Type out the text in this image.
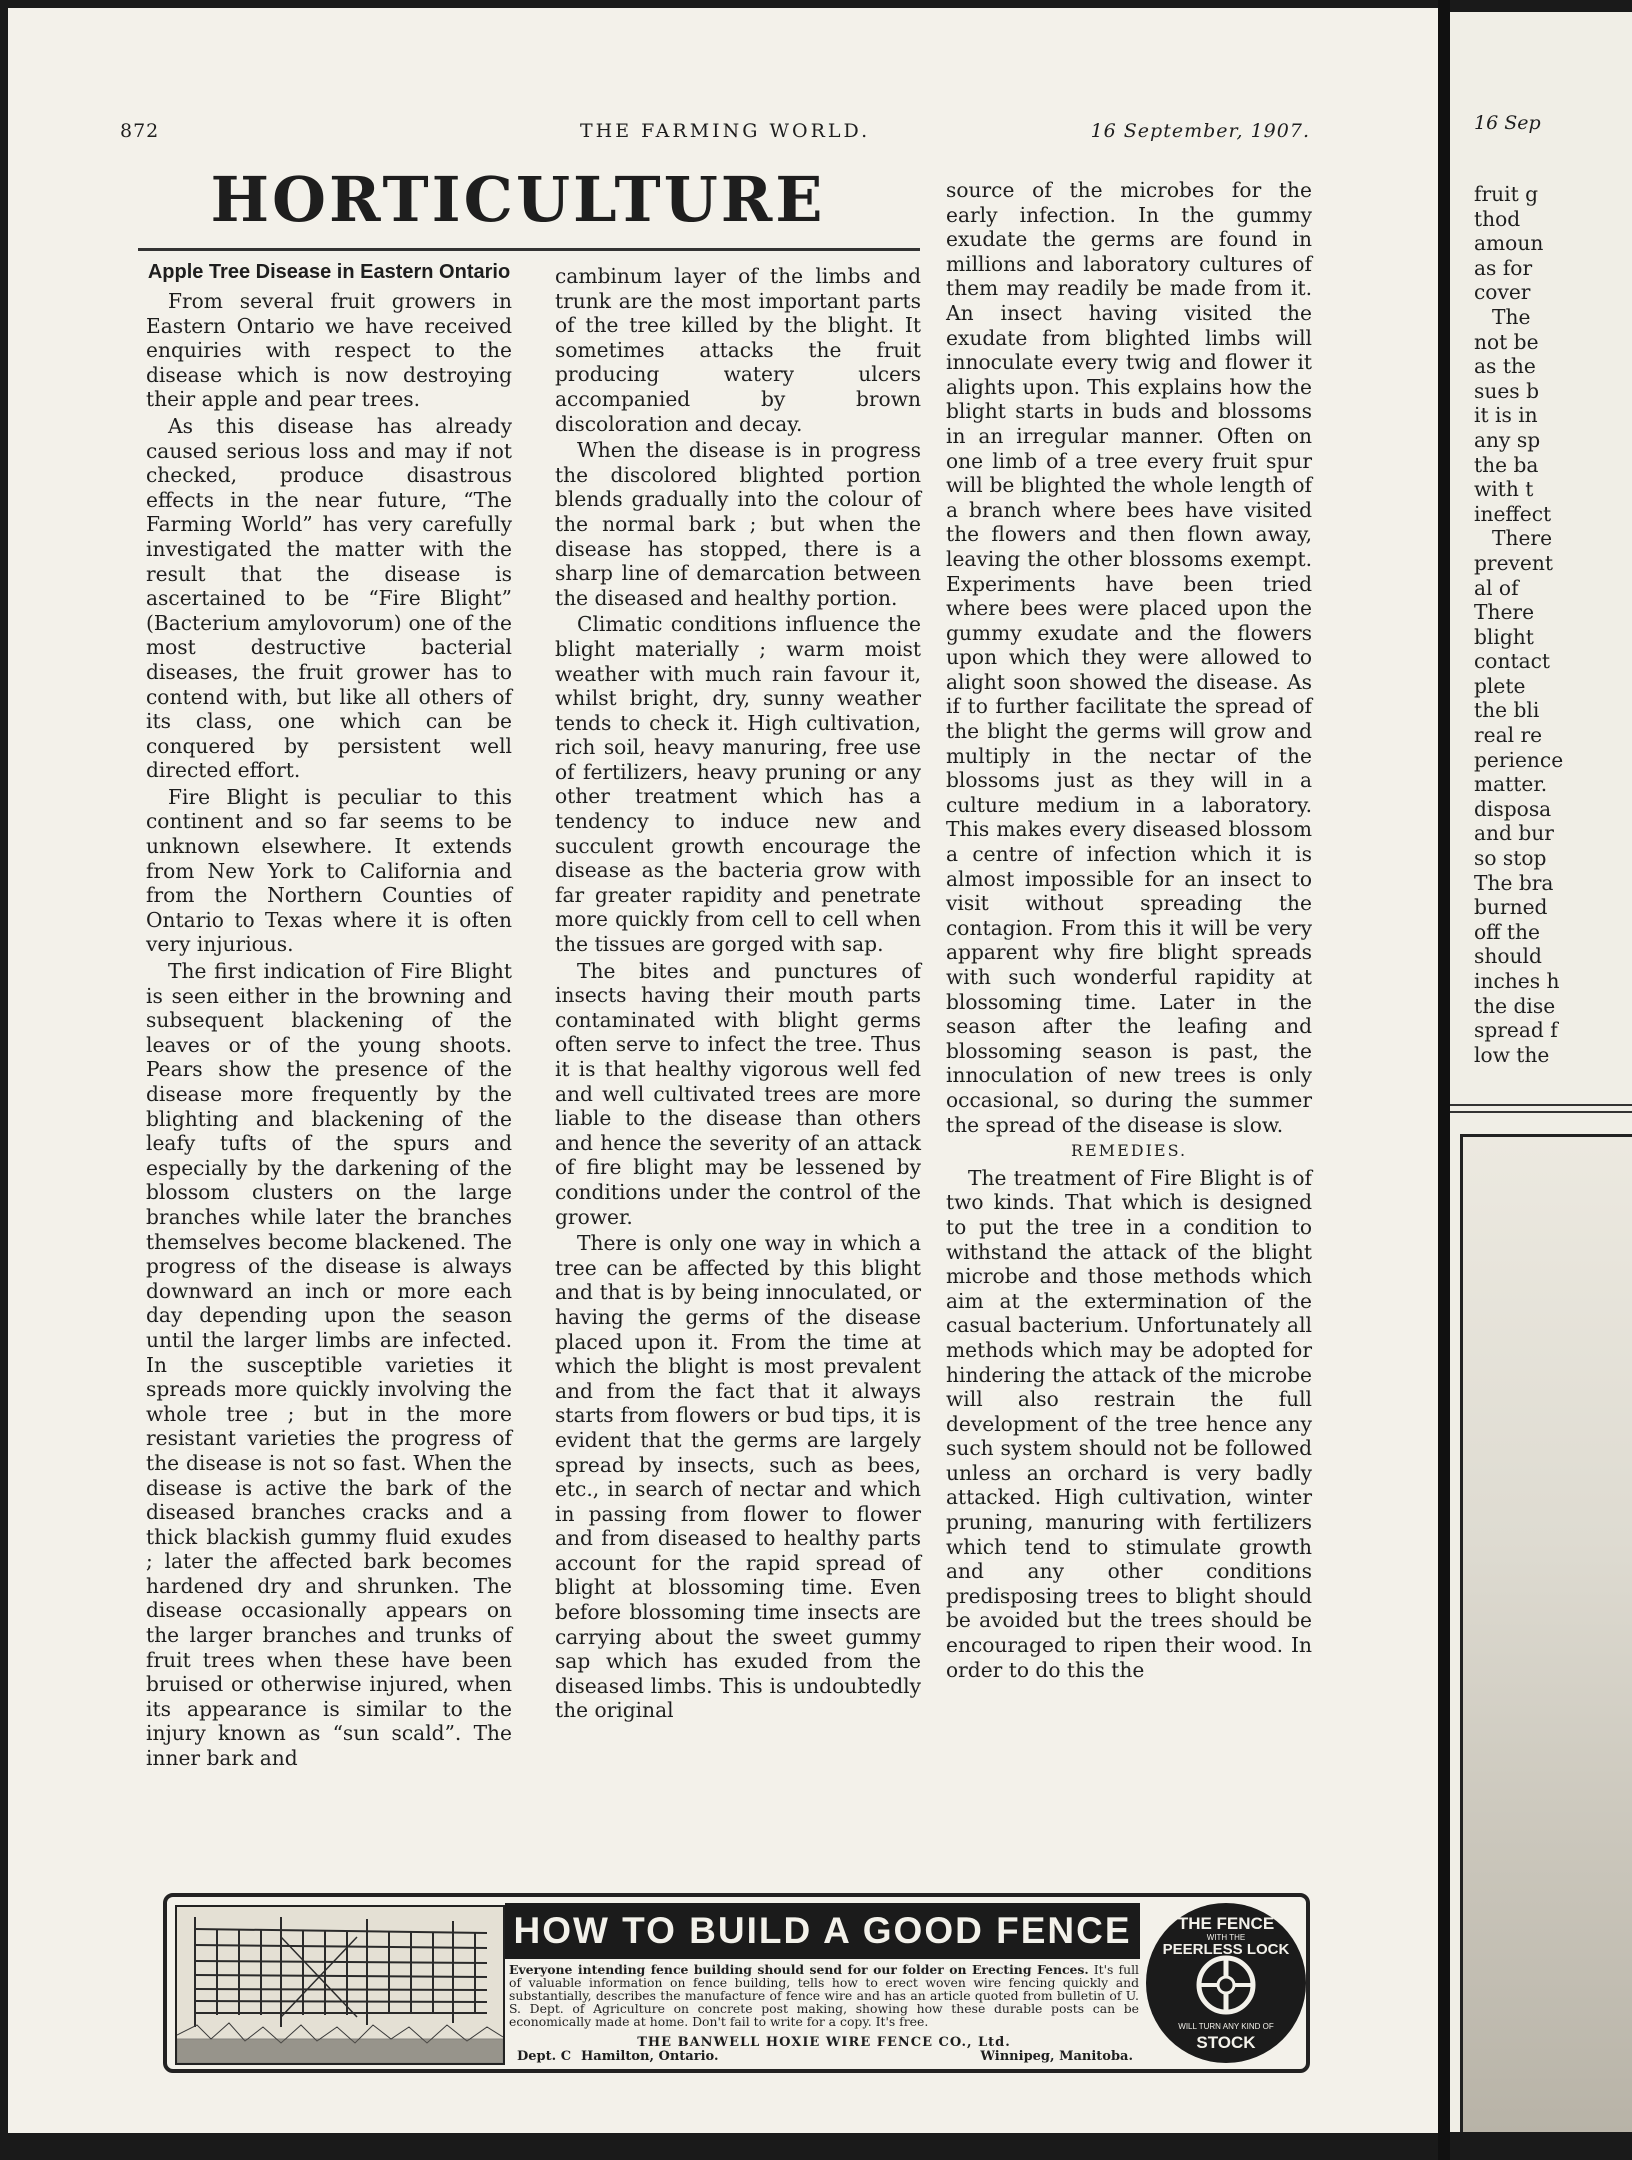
872	THE FARMING WORLD.	16 September, 1907.
HORTICULTURE
Apple Tree Disease in Eastern Ontario

From several fruit growers in Eastern Ontario we have received enquiries with respect to the disease which is now destroying their apple and pear trees.

As this disease has already caused serious loss and may if not checked, produce disastrous effects in the near future, “The Farming World” has very carefully investigated the matter with the result that the disease is ascertained to be “Fire Blight” (Bacterium amylovorum) one of the most destructive bacterial diseases, the fruit grower has to contend with, but like all others of its class, one which can be conquered by persistent well directed effort.

Fire Blight is peculiar to this continent and so far seems to be unknown elsewhere. It extends from New York to California and from the Northern Counties of Ontario to Texas where it is often very injurious.

The first indication of Fire Blight is seen either in the browning and subsequent blackening of the leaves or of the young shoots. Pears show the presence of the disease more frequently by the blighting and blackening of the leafy tufts of the spurs and especially by the darkening of the blossom clusters on the large branches while later the branches themselves become blackened. The progress of the disease is always downward an inch or more each day depending upon the season until the larger limbs are infected. In the susceptible varieties it spreads more quickly involving the whole tree ; but in the more resistant varieties the progress of the disease is not so fast. When the disease is active the bark of the diseased branches cracks and a thick blackish gummy fluid exudes ; later the affected bark becomes hardened dry and shrunken. The disease occasionally appears on the larger branches and trunks of fruit trees when these have been bruised or otherwise injured, when its appearance is similar to the injury known as “sun scald”. The inner bark and

cambinum layer of the limbs and trunk are the most important parts of the tree killed by the blight. It sometimes attacks the fruit producing watery ulcers accompanied by brown discoloration and decay.

When the disease is in progress the discolored blighted portion blends gradually into the colour of the normal bark ; but when the disease has stopped, there is a sharp line of demarcation between the diseased and healthy portion.

Climatic conditions influence the blight materially ; warm moist weather with much rain favour it, whilst bright, dry, sunny weather tends to check it. High cultivation, rich soil, heavy manuring, free use of fertilizers, heavy pruning or any other treatment which has a tendency to induce new and succulent growth encourage the disease as the bacteria grow with far greater rapidity and penetrate more quickly from cell to cell when the tissues are gorged with sap.

The bites and punctures of insects having their mouth parts contaminated with blight germs often serve to infect the tree. Thus it is that healthy vigorous well fed and well cultivated trees are more liable to the disease than others and hence the severity of an attack of fire blight may be lessened by conditions under the control of the grower.

There is only one way in which a tree can be affected by this blight and that is by being innoculated, or having the germs of the disease placed upon it. From the time at which the blight is most prevalent and from the fact that it always starts from flowers or bud tips, it is evident that the germs are largely spread by insects, such as bees, etc., in search of nectar and which in passing from flower to flower and from diseased to healthy parts account for the rapid spread of blight at blossoming time. Even before blossoming time insects are carrying about the sweet gummy sap which has exuded from the diseased limbs. This is undoubtedly the original

source of the microbes for the early infection. In the gummy exudate the germs are found in millions and laboratory cultures of them may readily be made from it. An insect having visited the exudate from blighted limbs will innoculate every twig and flower it alights upon. This explains how the blight starts in buds and blossoms in an irregular manner. Often on one limb of a tree every fruit spur will be blighted the whole length of a branch where bees have visited the flowers and then flown away, leaving the other blossoms exempt. Experiments have been tried where bees were placed upon the gummy exudate and the flowers upon which they were allowed to alight soon showed the disease. As if to further facilitate the spread of the blight the germs will grow and multiply in the nectar of the blossoms just as they will in a culture medium in a laboratory. This makes every diseased blossom a centre of infection which it is almost impossible for an insect to visit without spreading the contagion. From this it will be very apparent why fire blight spreads with such wonderful rapidity at blossoming time. Later in the season after the leafing and blossoming season is past, the innoculation of new trees is only occasional, so during the summer the spread of the disease is slow.

REMEDIES.

The treatment of Fire Blight is of two kinds. That which is designed to put the tree in a condition to withstand the attack of the blight microbe and those methods which aim at the extermination of the casual bacterium. Unfortunately all methods which may be adopted for hindering the attack of the microbe will also restrain the full development of the tree hence any such system should not be followed unless an orchard is very badly attacked. High cultivation, winter pruning, manuring with fertilizers which tend to stimulate growth and any other conditions predisposing trees to blight should be avoided but the trees should be encouraged to ripen their wood. In order to do this the

HOW TO BUILD A GOOD FENCE
Everyone intending fence building should send for our folder on Erecting Fences. It's full of valuable information on fence building, tells how to erect woven wire fencing quickly and substantially, describes the manufacture of fence wire and has an article quoted from bulletin of U. S. Dept. of Agriculture on concrete post making, showing how these durable posts can be economically made at home. Don't fail to write for a copy. It's free.
THE BANWELL HOXIE WIRE FENCE CO., Ltd.
Dept. C Hamilton, Ontario.	Winnipeg, Manitoba.
THE FENCE
WITH THE
PEERLESS LOCK
WILL TURN ANY KIND OF
STOCK
16 Sep
fruit g
thod
amoun
as for
cover
The
not be
as the
sues b
it is in
any sp
the ba
with t
ineffect
There
prevent
al of
There
blight
contact
plete
the bli
real re
perience
matter.
disposa
and bur
so stop
The bra
burned
off the
should
inches h
the dise
spread f
low the
